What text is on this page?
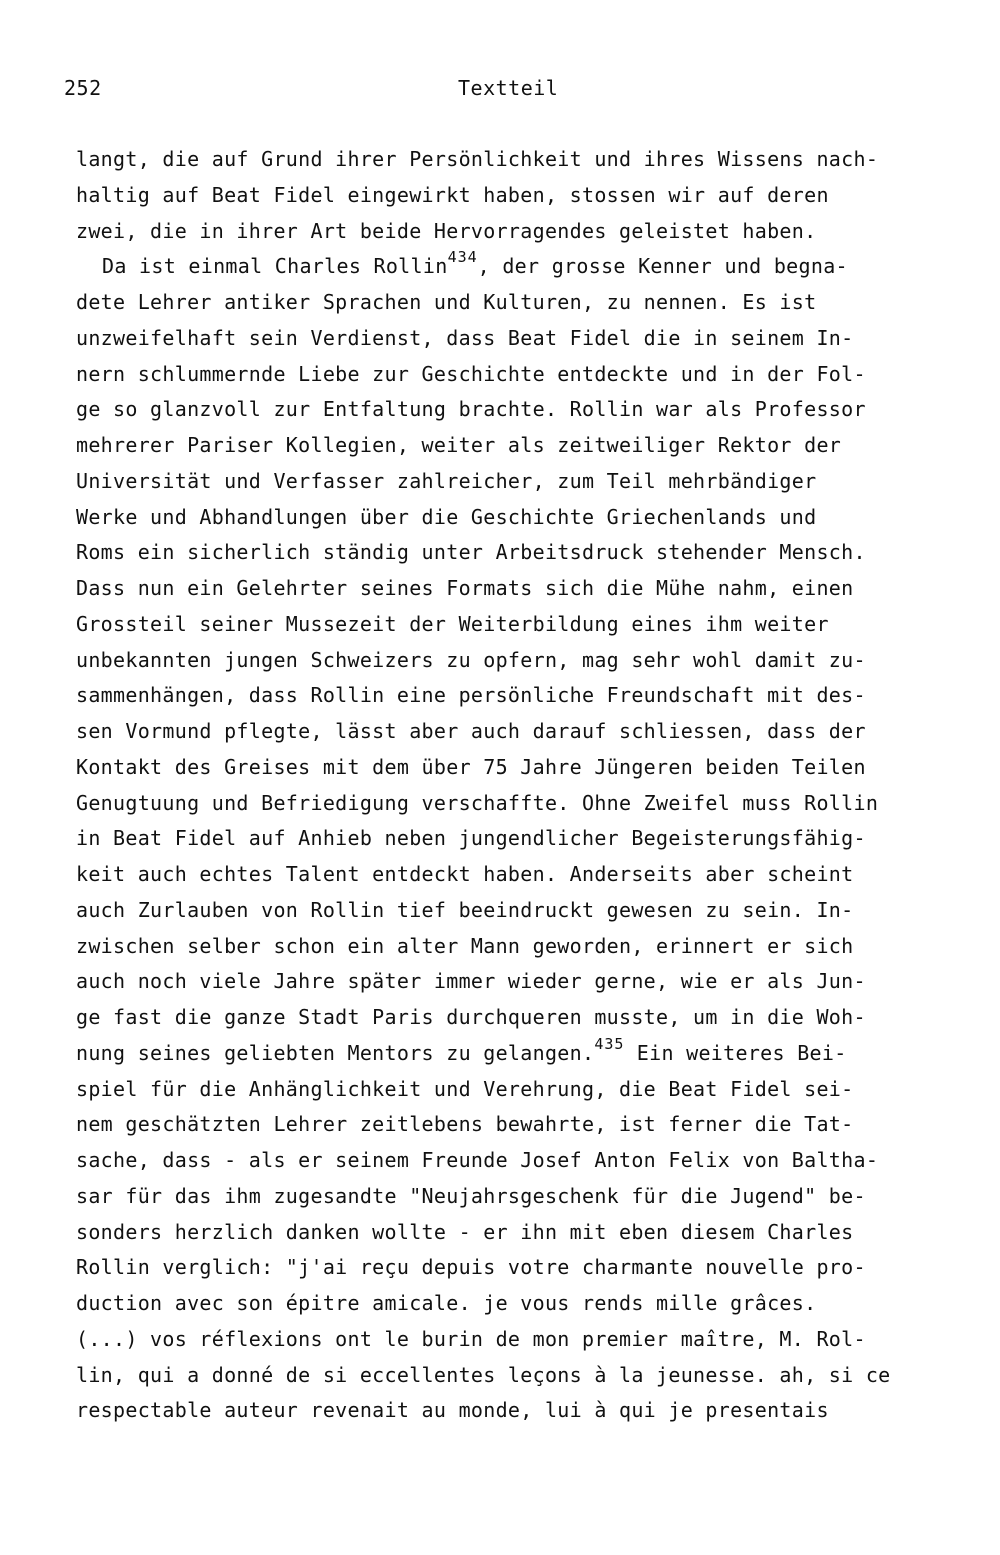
252	Textteil
langt, die auf Grund ihrer Persönlichkeit und ihres Wissens nach-
haltig auf Beat Fidel eingewirkt haben, stossen wir auf deren
zwei, die in ihrer Art beide Hervorragendes geleistet haben.
Da ist einmal Charles Rollin$^{434}$, der grosse Kenner und begna-
dete Lehrer antiker Sprachen und Kulturen, zu nennen. Es ist
unzweifelhaft sein Verdienst, dass Beat Fidel die in seinem In-
nern schlummernde Liebe zur Geschichte entdeckte und in der Fol-
ge so glanzvoll zur Entfaltung brachte. Rollin war als Professor
mehrerer Pariser Kollegien, weiter als zeitweiliger Rektor der
Universität und Verfasser zahlreicher, zum Teil mehrbändiger
Werke und Abhandlungen über die Geschichte Griechenlands und
Roms ein sicherlich ständig unter Arbeitsdruck stehender Mensch.
Dass nun ein Gelehrter seines Formats sich die Mühe nahm, einen
Grossteil seiner Mussezeit der Weiterbildung eines ihm weiter
unbekannten jungen Schweizers zu opfern, mag sehr wohl damit zu-
sammenhängen, dass Rollin eine persönliche Freundschaft mit des-
sen Vormund pflegte, lässt aber auch darauf schliessen, dass der
Kontakt des Greises mit dem über 75 Jahre Jüngeren beiden Teilen
Genugtuung und Befriedigung verschaffte. Ohne Zweifel muss Rollin
in Beat Fidel auf Anhieb neben jungendlicher Begeisterungsfähig-
keit auch echtes Talent entdeckt haben. Anderseits aber scheint
auch Zurlauben von Rollin tief beeindruckt gewesen zu sein. In-
zwischen selber schon ein alter Mann geworden, erinnert er sich
auch noch viele Jahre später immer wieder gerne, wie er als Jun-
ge fast die ganze Stadt Paris durchqueren musste, um in die Woh-
nung seines geliebten Mentors zu gelangen.$^{435}$ Ein weiteres Bei-
spiel für die Anhänglichkeit und Verehrung, die Beat Fidel sei-
nem geschätzten Lehrer zeitlebens bewahrte, ist ferner die Tat-
sache, dass - als er seinem Freunde Josef Anton Felix von Baltha-
sar für das ihm zugesandte "Neujahrsgeschenk für die Jugend" be-
sonders herzlich danken wollte - er ihn mit eben diesem Charles
Rollin verglich: "j'ai reçu depuis votre charmante nouvelle pro-
duction avec son épitre amicale. je vous rends mille grâces.
(...) vos réflexions ont le burin de mon premier maître, M. Rol-
lin, qui a donné de si eccellentes leçons à la jeunesse. ah, si ce
respectable auteur revenait au monde, lui à qui je presentais
